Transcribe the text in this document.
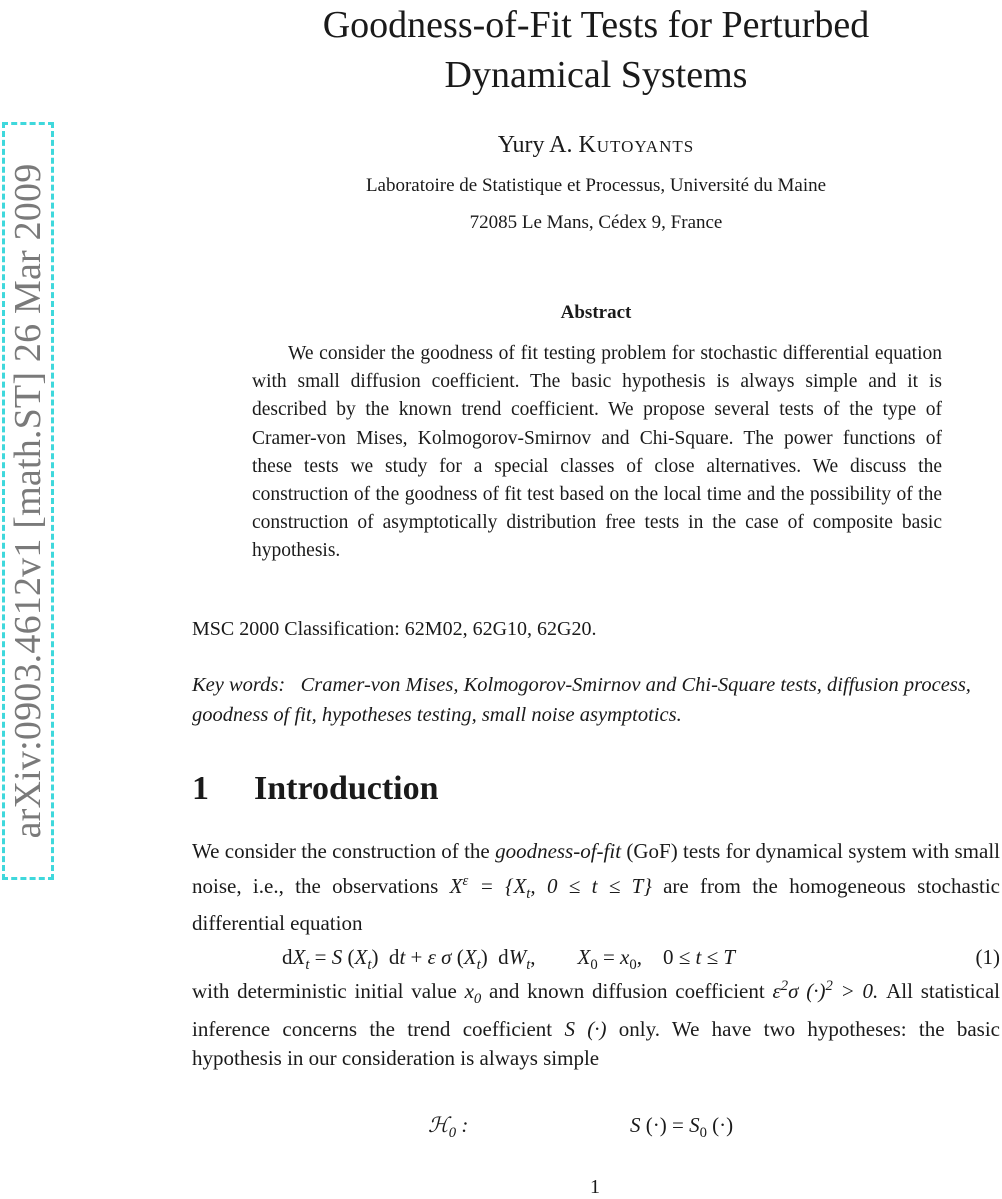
arXiv:0903.4612v1 [math.ST] 26 Mar 2009
Goodness-of-Fit Tests for Perturbed
Dynamical Systems
Yury A. Kutoyants
Laboratoire de Statistique et Processus, Université du Maine
72085 Le Mans, Cédex 9, France
Abstract

We consider the goodness of fit testing problem for stochastic differential equation with small diffusion coefficient. The basic hypothesis is always simple and it is described by the known trend coefficient. We propose several tests of the type of Cramer-von Mises, Kolmogorov-Smirnov and Chi-Square. The power functions of these tests we study for a special classes of close alternatives. We discuss the construction of the goodness of fit test based on the local time and the possibility of the construction of asymptotically distribution free tests in the case of composite basic hypothesis.

MSC 2000 Classification: 62M02, 62G10, 62G20.

Key words: Cramer-von Mises, Kolmogorov-Smirnov and Chi-Square tests, diffusion process, goodness of fit, hypotheses testing, small noise asymptotics.

1 Introduction

We consider the construction of the goodness-of-fit (GoF) tests for dynamical system with small noise, i.e., the observations $X^\varepsilon = \{X_t$, 0 ≤ t ≤ T} are from the homogeneous stochastic differential equation

$dX_t = S$ $(X_t)$  dt + ε σ $(X_t)$  $dW_t$,        $X_0 = x_0$,    0 ≤ t ≤ T	(1)

with deterministic initial value $x_0$ and known diffusion coefficient $\varepsilon^2\sigma$ $(\cdot)^2 > 0$. All statistical inference concerns the trend coefficient S (·) only. We have two hypotheses: the basic hypothesis in our consideration is always simple

ℋ$_0$ :	S (·) = $S_0$ (·)
1
